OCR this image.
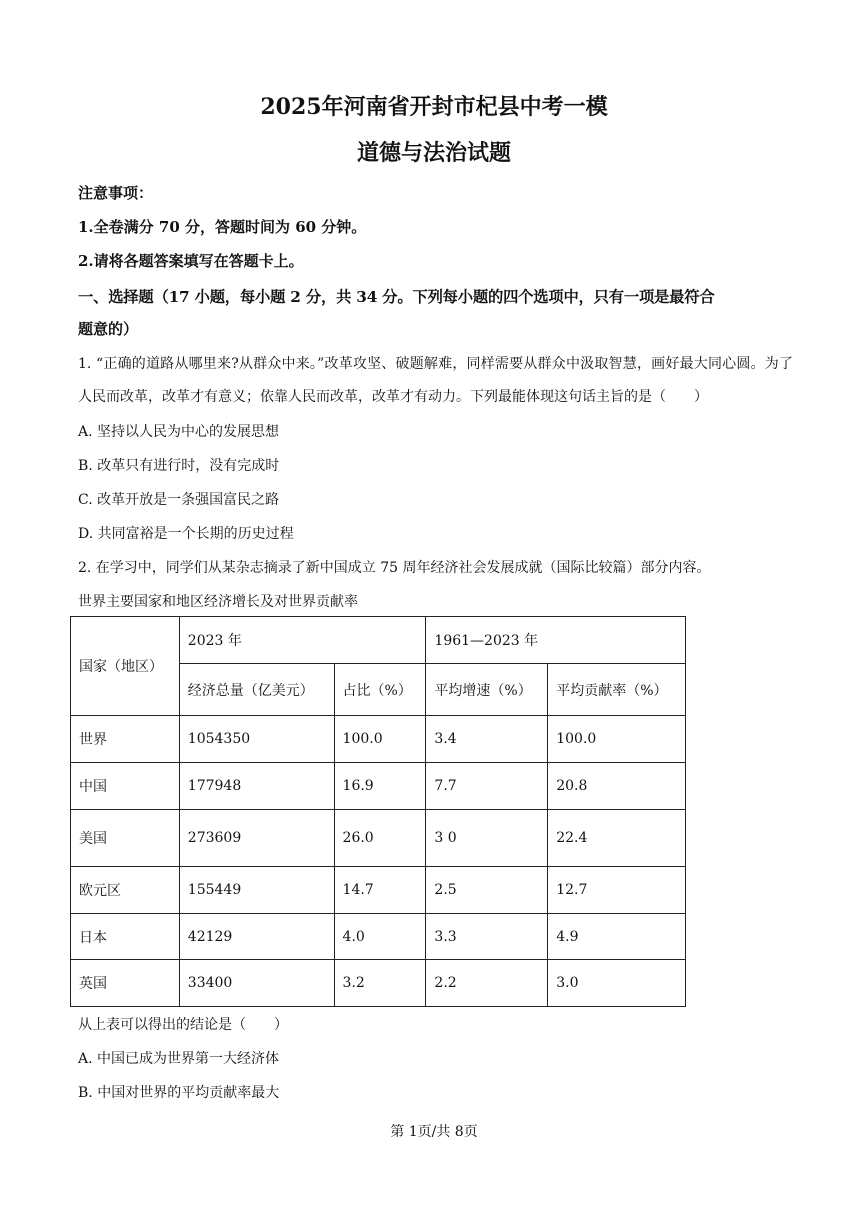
2025年河南省开封市杞县中考一模
道德与法治试题
注意事项：
1.全卷满分 70 分，答题时间为 60 分钟。
2.请将各题答案填写在答题卡上。
一、选择题（17 小题，每小题 2 分，共 34 分。下列每小题的四个选项中，只有一项是最符合
题意的）
1. “正确的道路从哪里来?从群众中来。”改革攻坚、破题解难，同样需要从群众中汲取智慧，画好最大同心圆。为了人民而改革，改革才有意义；依靠人民而改革，改革才有动力。下列最能体现这句话主旨的是（　　）
A. 坚持以人民为中心的发展思想
B. 改革只有进行时，没有完成时
C. 改革开放是一条强国富民之路
D. 共同富裕是一个长期的历史过程
2. 在学习中，同学们从某杂志摘录了新中国成立 75 周年经济社会发展成就（国际比较篇）部分内容。
世界主要国家和地区经济增长及对世界贡献率
国家（地区）	2023 年		1961—2023 年	
	经济总量（亿美元）	占比（%）	平均增速（%）	平均贡献率（%）
世界	1054350	100.0	3.4	100.0
中国	177948	16.9	7.7	20.8
美国	273609	26.0	3 0	22.4
欧元区	155449	14.7	2.5	12.7
日本	42129	4.0	3.3	4.9
英国	33400	3.2	2.2	3.0
从上表可以得出的结论是（　　）
A. 中国已成为世界第一大经济体
B. 中国对世界的平均贡献率最大
第 1页/共 8页
